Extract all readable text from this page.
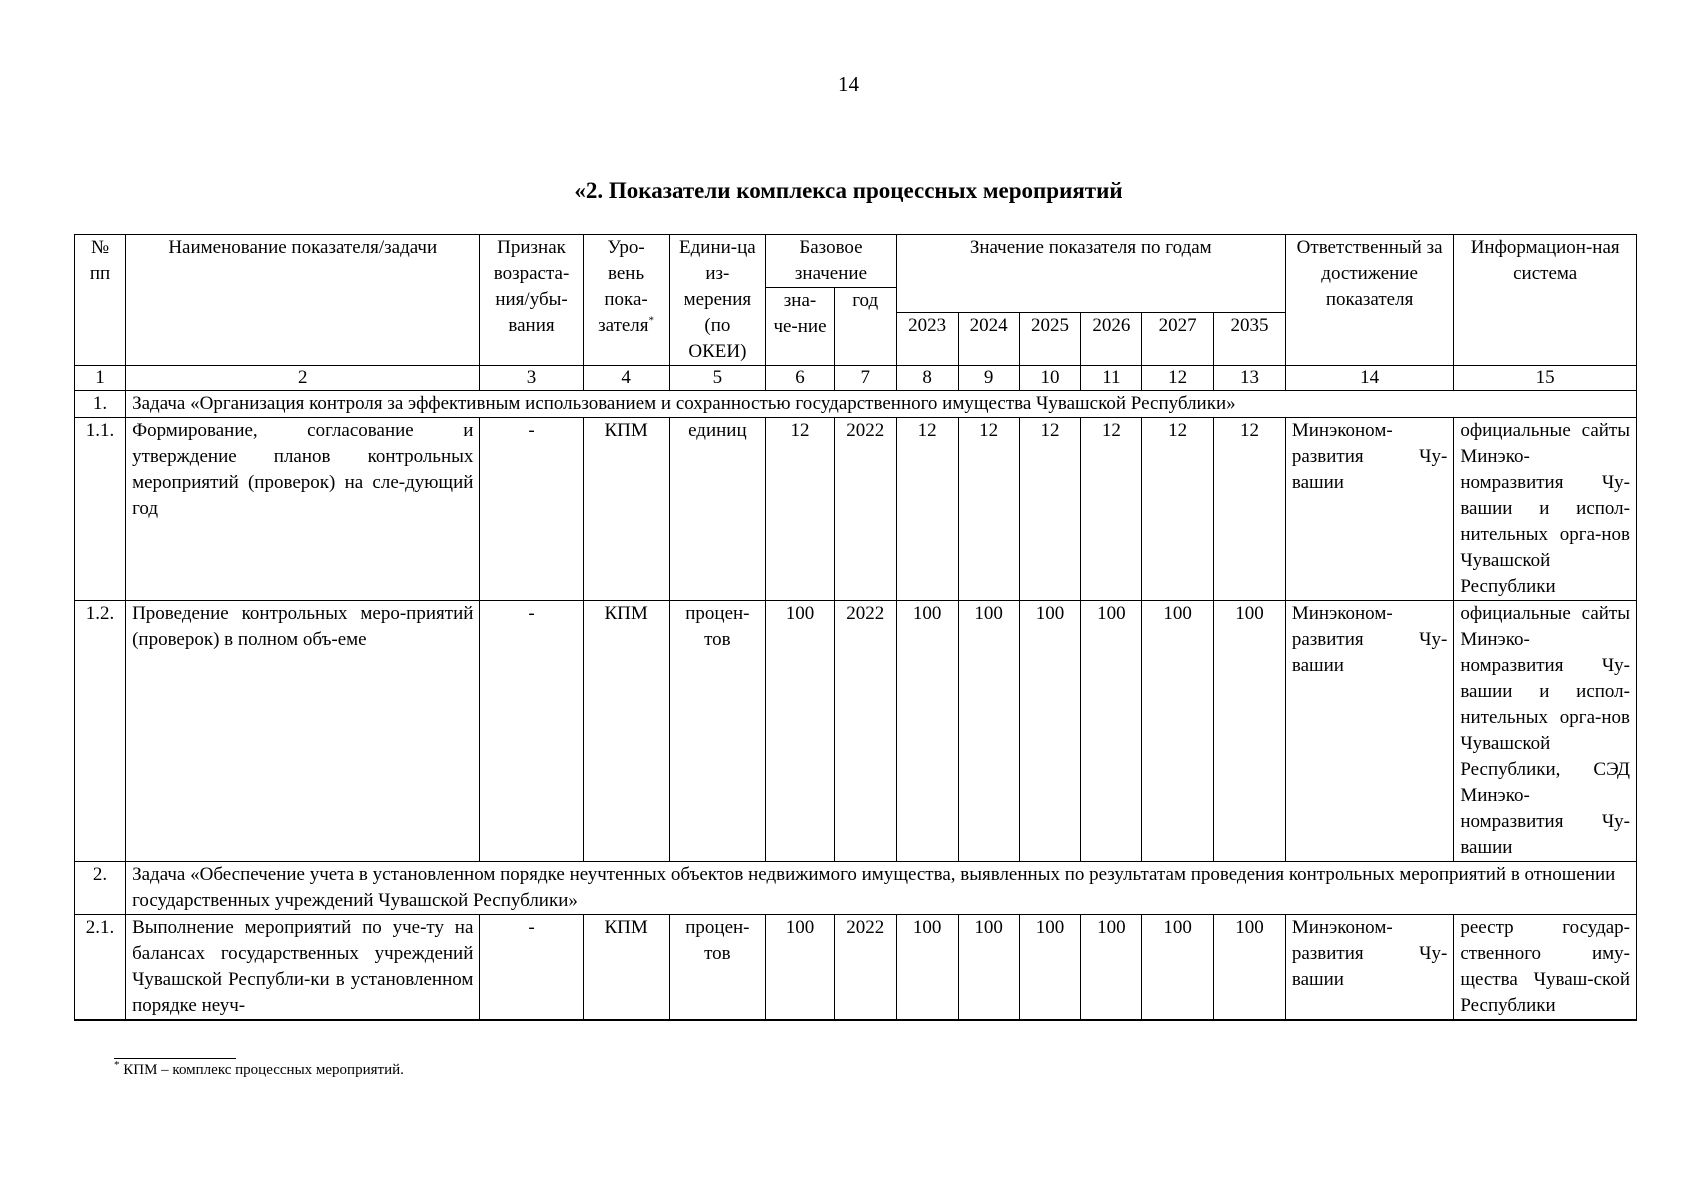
14
«2. Показатели комплекса процессных мероприятий
№ пп	Наименование показателя/задачи	Признак возраста-ния/убы-вания	Уро-вень пока-зателя*	Едини-ца из-мерения (по ОКЕИ)	Базовое значение		Значение показателя по годам						Ответственный за достижение показателя	Информацион-ная система
					зна-че-ние	год								
							2023	2024	2025	2026	2027	2035		
1	2	3	4	5	6	7	8	9	10	11	12	13	14	15
1.	Задача «Организация контроля за эффективным использованием и сохранностью государственного имущества Чувашской Республики»													
1.1.	Формирование, согласование и утверждение планов контрольных мероприятий (проверок) на сле-дующий год	-	КПМ	единиц	12	2022	12	12	12	12	12	12	Минэконом-развития Чу-вашии	официальные сайты Минэко-номразвития Чу-вашии и испол-нительных орга-нов Чувашской Республики
1.2.	Проведение контрольных меро-приятий (проверок) в полном объ-еме	-	КПМ	процен-тов	100	2022	100	100	100	100	100	100	Минэконом-развития Чу-вашии	официальные сайты Минэко-номразвития Чу-вашии и испол-нительных орга-нов Чувашской Республики, СЭД Минэко-номразвития Чу-вашии
2.	Задача «Обеспечение учета в установленном порядке неучтенных объектов недвижимого имущества, выявленных по результатам проведения контрольных мероприятий в отношении государственных учреждений Чувашской Республики»													
2.1.	Выполнение мероприятий по уче-ту на балансах государственных учреждений Чувашской Республи-ки в установленном порядке неуч-	-	КПМ	процен-тов	100	2022	100	100	100	100	100	100	Минэконом-развития Чу-вашии	реестр государ-ственного иму-щества Чуваш-ской Республики
* КПМ – комплекс процессных мероприятий.
